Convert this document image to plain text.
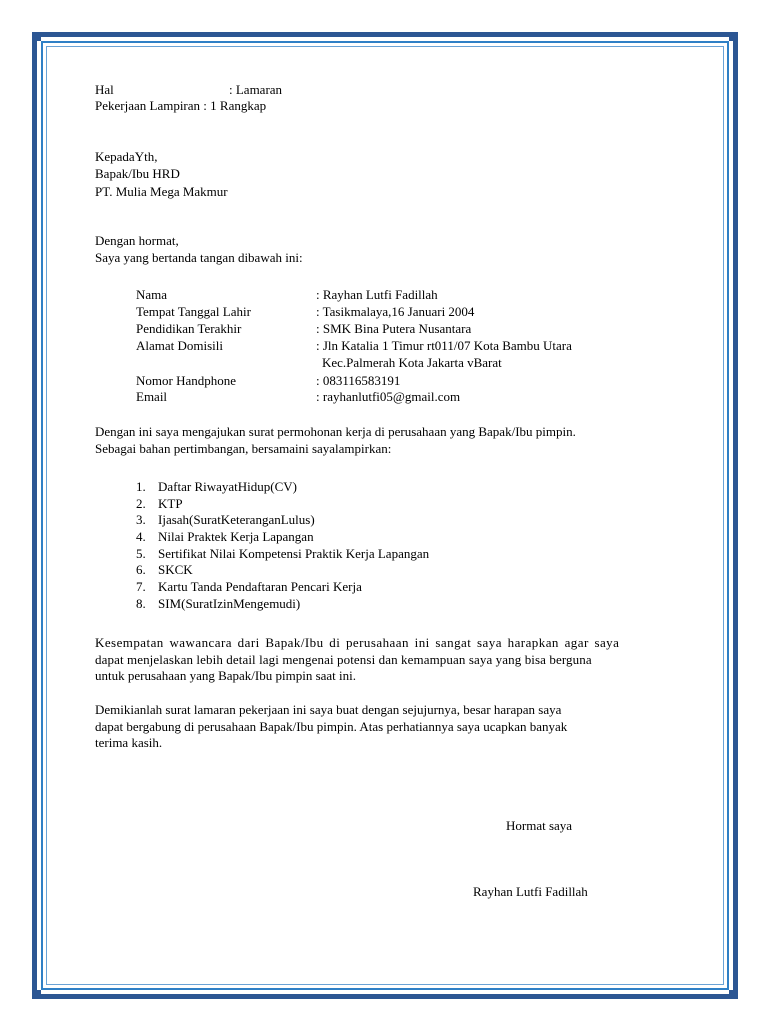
Hal	: Lamaran
Pekerjaan Lampiran : 1 Rangkap
KepadaYth,
Bapak/Ibu HRD
PT. Mulia Mega Makmur
Dengan hormat,
Saya yang bertanda tangan dibawah ini:
Nama	: Rayhan Lutfi Fadillah
Tempat Tanggal Lahir	: Tasikmalaya,16 Januari 2004
Pendidikan Terakhir	: SMK Bina Putera Nusantara
Alamat Domisili	: Jln Katalia 1 Timur rt011/07 Kota Bambu Utara
Kec.Palmerah Kota Jakarta vBarat
Nomor Handphone	: 083116583191
Email	: rayhanlutfi05@gmail.com
Dengan ini saya mengajukan surat permohonan kerja di perusahaan yang Bapak/Ibu pimpin.
Sebagai bahan pertimbangan, bersamaini sayalampirkan:
1. Daftar RiwayatHidup(CV)
2. KTP
3. Ijasah(SuratKeteranganLulus)
4. Nilai Praktek Kerja Lapangan
5. Sertifikat Nilai Kompetensi Praktik Kerja Lapangan
6. SKCK
7. Kartu Tanda Pendaftaran Pencari Kerja
8. SIM(SuratIzinMengemudi)
Kesempatan wawancara dari Bapak/Ibu di perusahaan ini sangat saya harapkan agar saya
dapat menjelaskan lebih detail lagi mengenai potensi dan kemampuan saya yang bisa berguna
untuk perusahaan yang Bapak/Ibu pimpin saat ini.
Demikianlah surat lamaran pekerjaan ini saya buat dengan sejujurnya, besar harapan saya
dapat bergabung di perusahaan Bapak/Ibu pimpin. Atas perhatiannya saya ucapkan banyak
terima kasih.
Hormat saya
Rayhan Lutfi Fadillah
